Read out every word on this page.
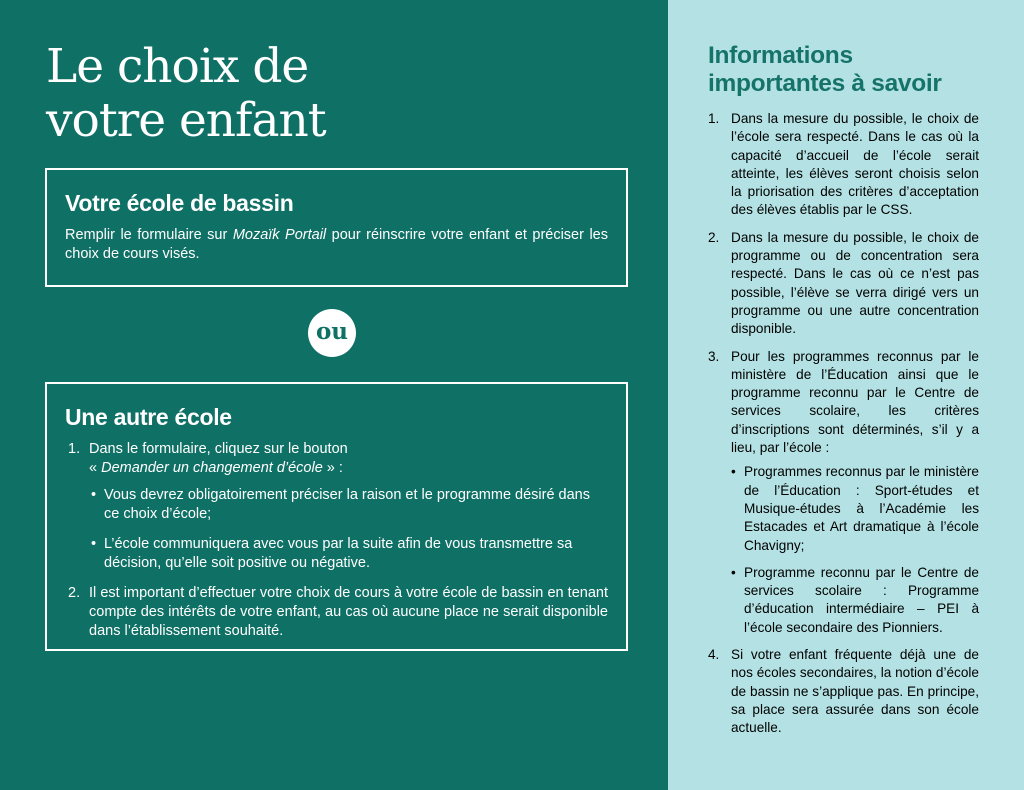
Le choix de
votre enfant
Votre école de bassin

Remplir le formulaire sur Mozaïk Portail pour réinscrire votre enfant et préciser les choix de cours visés.

ou
Une autre école
1. Dans le formulaire, cliquez sur le bouton
« Demander un changement d’école » :
• Vous devrez obligatoirement préciser la raison et le programme désiré dans ce choix d’école;
• L’école communiquera avec vous par la suite afin de vous transmettre sa décision, qu’elle soit positive ou négative.
2. Il est important d’effectuer votre choix de cours à votre école de bassin en tenant compte des intérêts de votre enfant, au cas où aucune place ne serait disponible dans l’établissement souhaité.
Informations
importantes à savoir
1. Dans la mesure du possible, le choix de l’école sera respecté. Dans le cas où la capacité d’accueil de l’école serait atteinte, les élèves seront choisis selon la priorisation des critères d’acceptation des élèves établis par le CSS.
2. Dans la mesure du possible, le choix de programme ou de concentration sera respecté. Dans le cas où ce n’est pas possible, l’élève se verra dirigé vers un programme ou une autre concentration disponible.
3. Pour les programmes reconnus par le ministère de l’Éducation ainsi que le programme reconnu par le Centre de services scolaire, les critères d’inscriptions sont déterminés, s’il y a lieu, par l’école :
• Programmes reconnus par le ministère de l’Éducation : Sport-études et Musique-études à l’Académie les Estacades et Art dramatique à l’école Chavigny;
• Programme reconnu par le Centre de services scolaire : Programme d’éducation intermédiaire – PEI à l’école secondaire des Pionniers.
4. Si votre enfant fréquente déjà une de nos écoles secondaires, la notion d’école de bassin ne s’applique pas. En principe, sa place sera assurée dans son école actuelle.
